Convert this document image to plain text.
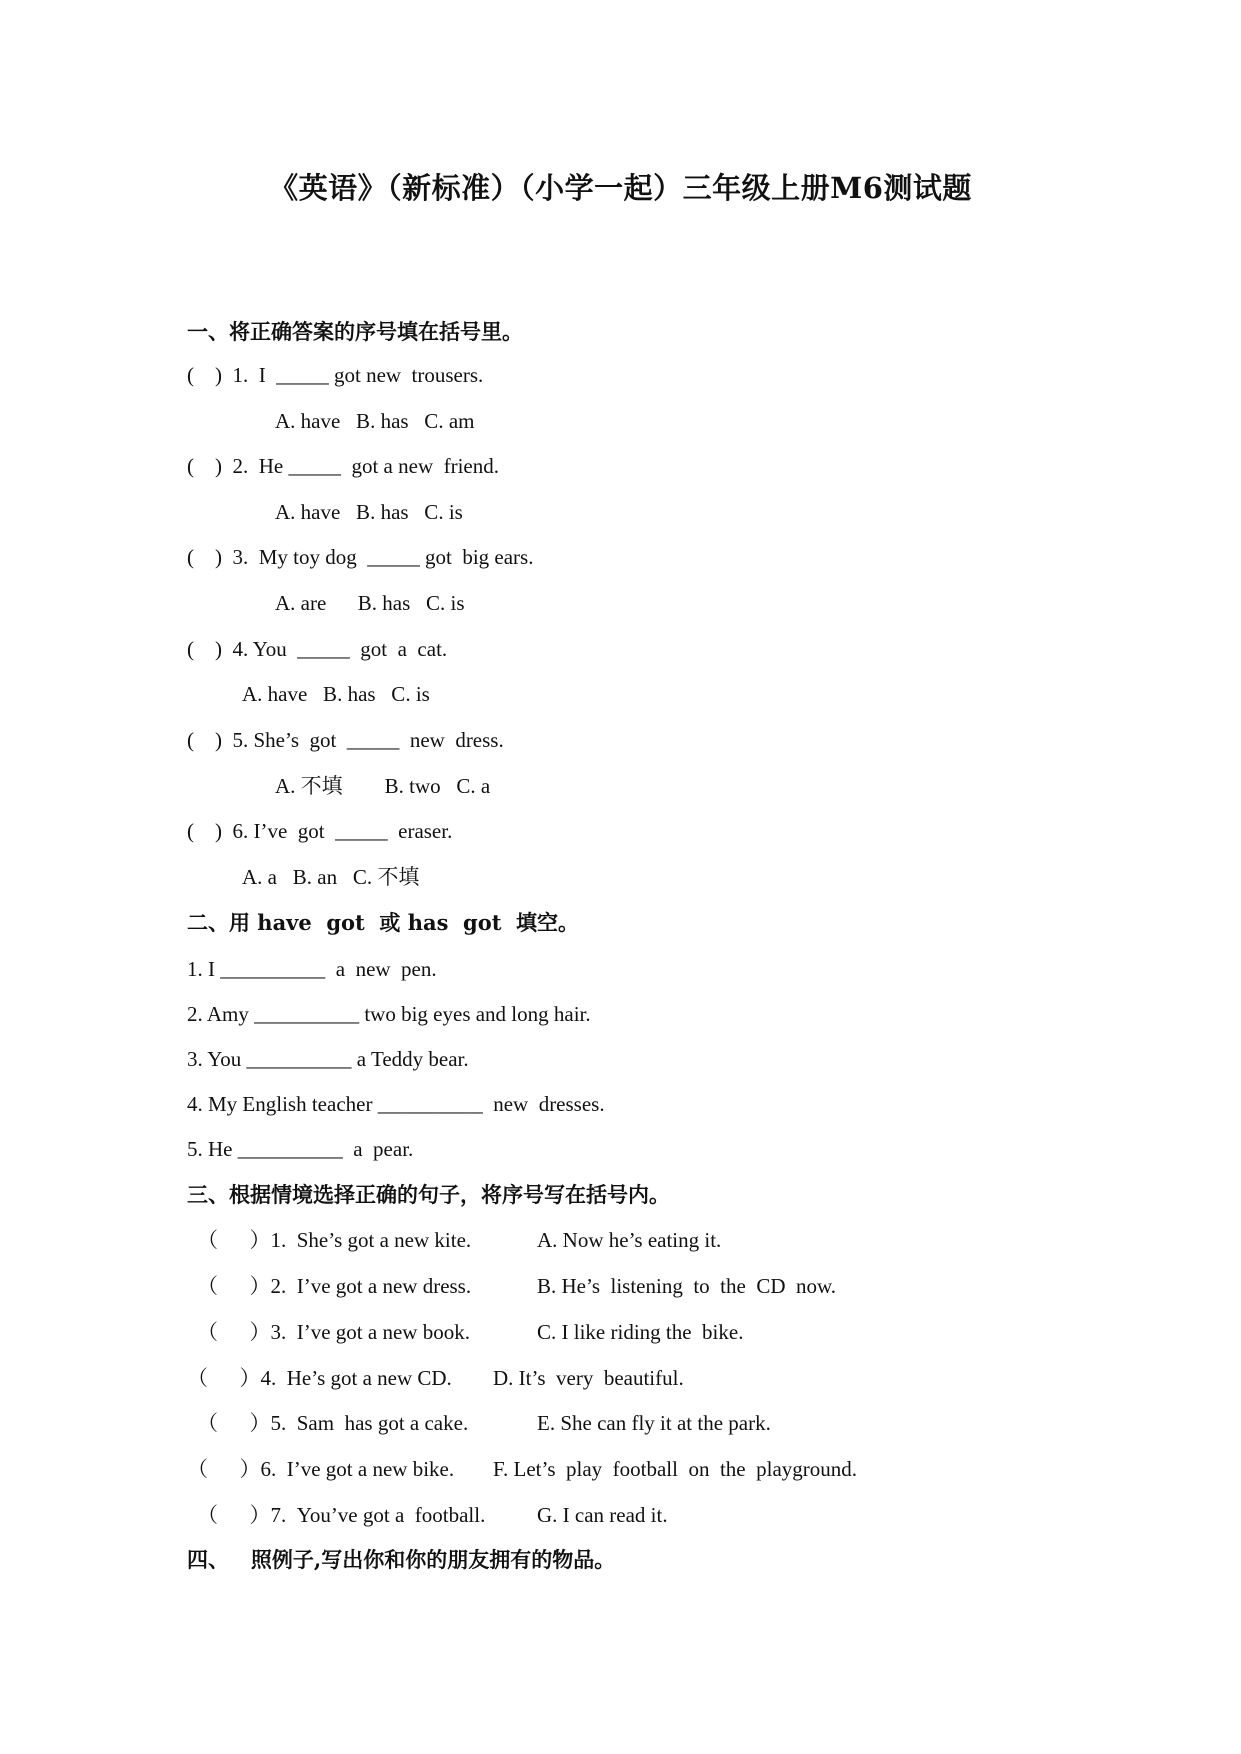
《英语》（新标准）（小学一起）三年级上册M6测试题
一、将正确答案的序号填在括号里。
(    )  1.  I  _____ got new  trousers.
A. have   B. has   C. am
(    )  2.  He _____  got a new  friend.
A. have   B. has   C. is
(    )  3.  My toy dog  _____ got  big ears.
A. are      B. has   C. is
(    )  4. You  _____  got  a  cat.
A. have   B. has   C. is
(    )  5. She’s  got  _____  new  dress.
A. 不填        B. two   C. a
(    )  6. I’ve  got  _____  eraser.
A. a   B. an   C. 不填
二、用 have  got  或 has  got  填空。
1. I __________  a  new  pen.
2. Amy __________ two big eyes and long hair.
3. You __________ a Teddy bear.
4. My English teacher __________  new  dresses.
5. He __________  a  pear.
三、根据情境选择正确的句子，将序号写在括号内。
（      ）1.  She’s got a new kite.	A. Now he’s eating it.
（      ）2.  I’ve got a new dress.	B. He’s  listening  to  the  CD  now.
（      ）3.  I’ve got a new book.	C. I like riding the  bike.
（      ）4.  He’s got a new CD. D. It’s  very  beautiful.
（      ）5.  Sam  has got a cake.	E. She can fly it at the park.
（      ）6.  I’ve got a new bike. F. Let’s  play  football  on  the  playground.
（      ）7.  You’ve got a  football. G. I can read it.
四、   照例子,写出你和你的朋友拥有的物品。
